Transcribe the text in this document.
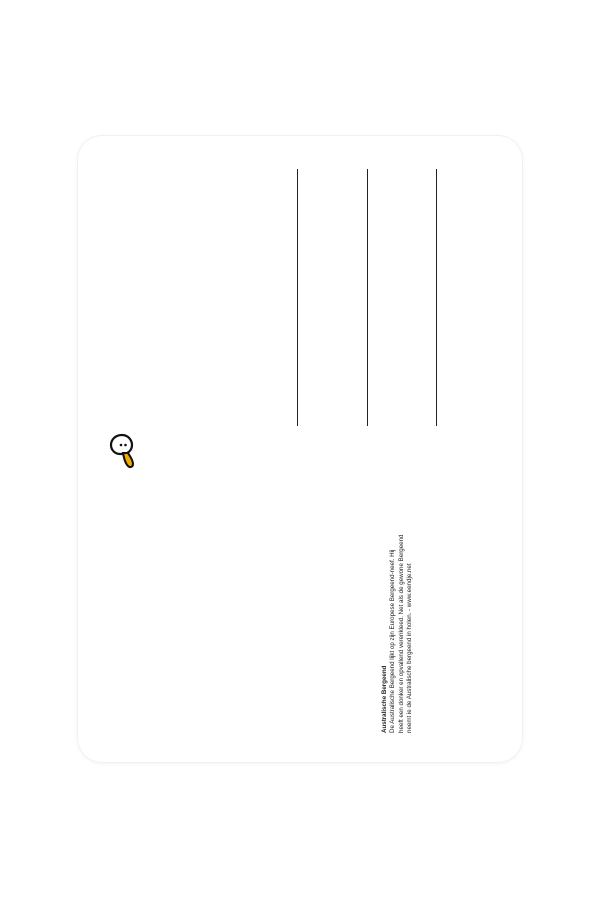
Australische Bergeend De Australische Bergeend lijkt op zijn Europese Bergeend-neef. Hij heeft een donker en opvallend verenkleed. Net als de gewone Bergeend neemt ie de Australische bergeend in holen. - www.eendje.net
